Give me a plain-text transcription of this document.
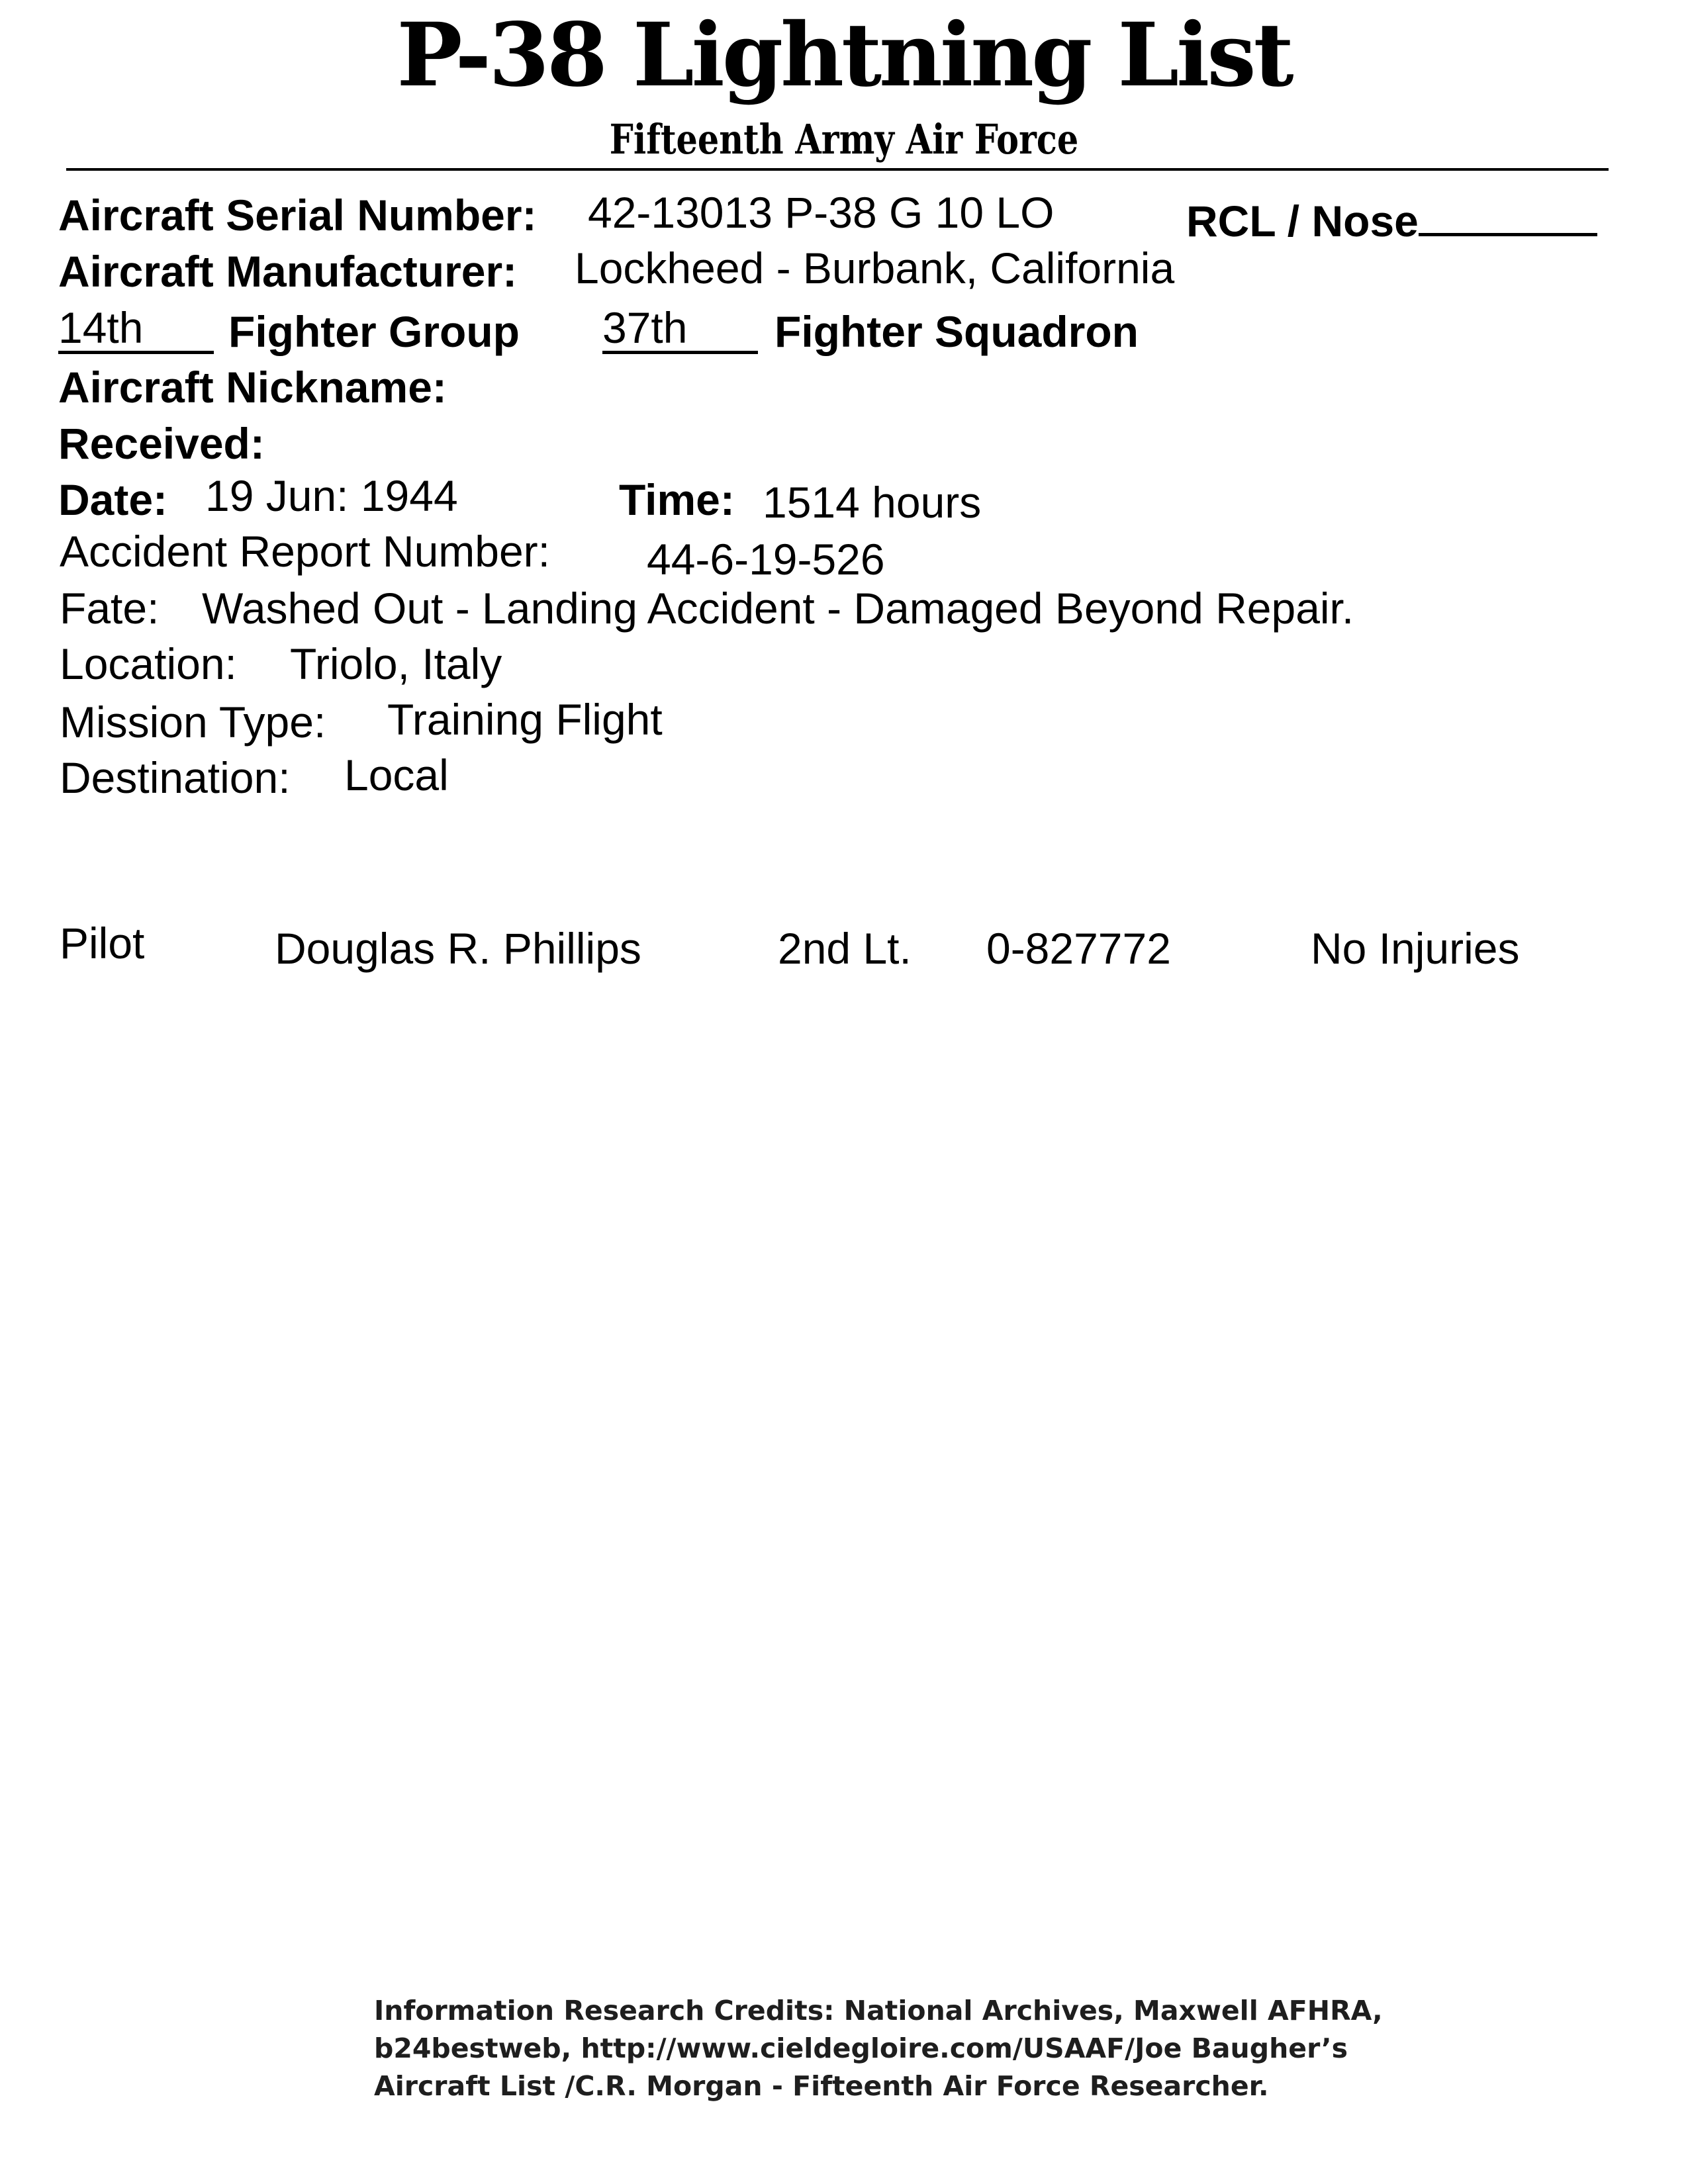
P-38 Lightning List
Fifteenth Army Air Force
Aircraft Serial Number: 42-13013 P-38 G 10 LO	RCL / Nose
Aircraft Manufacturer: Lockheed - Burbank, California
14th	Fighter Group 37th	Fighter Squadron
Aircraft Nickname:
Received:
Date: 19 Jun: 1944	Time: 1514 hours
Accident Report Number: 44-6-19-526
Fate: Washed Out - Landing Accident - Damaged Beyond Repair.
Location: Triolo, Italy
Mission Type: Training Flight
Destination: Local
Pilot	Douglas R. Phillips	2nd Lt. 0-827772	No Injuries
Information Research Credits: National Archives, Maxwell AFHRA,
b24bestweb, http://www.cieldegloire.com/USAAF/Joe Baugher’s
Aircraft List /C.R. Morgan - Fifteenth Air Force Researcher.
